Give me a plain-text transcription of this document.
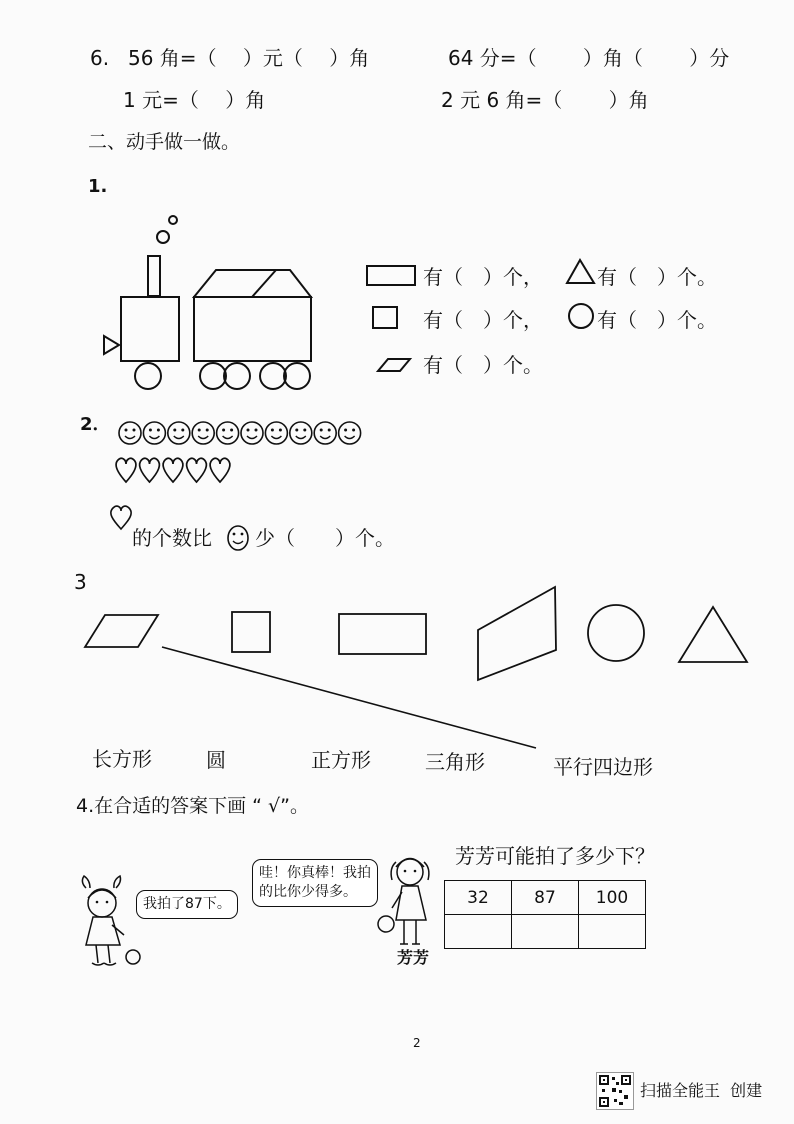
6. 56 角=（　 ）元（　 ）角	64 分=（　　 ）角（　　 ）分
1 元=（　 ）角	2 元 6 角=（　　 ）角
二、动手做一做。
1.
有（　）个，	有（　）个。
有（　）个，	有（　）个。
有（　）个。
2．
的个数比 少（　　）个。
3
长方形	圆	正方形	三角形	平行四边形
4.在合适的答案下画 “ √”。
芳芳可能拍了多少下？
我拍了87下。
哇！你真棒！我拍
的比你少得多。
芳芳
32	87	100

2
扫描全能王  创建
